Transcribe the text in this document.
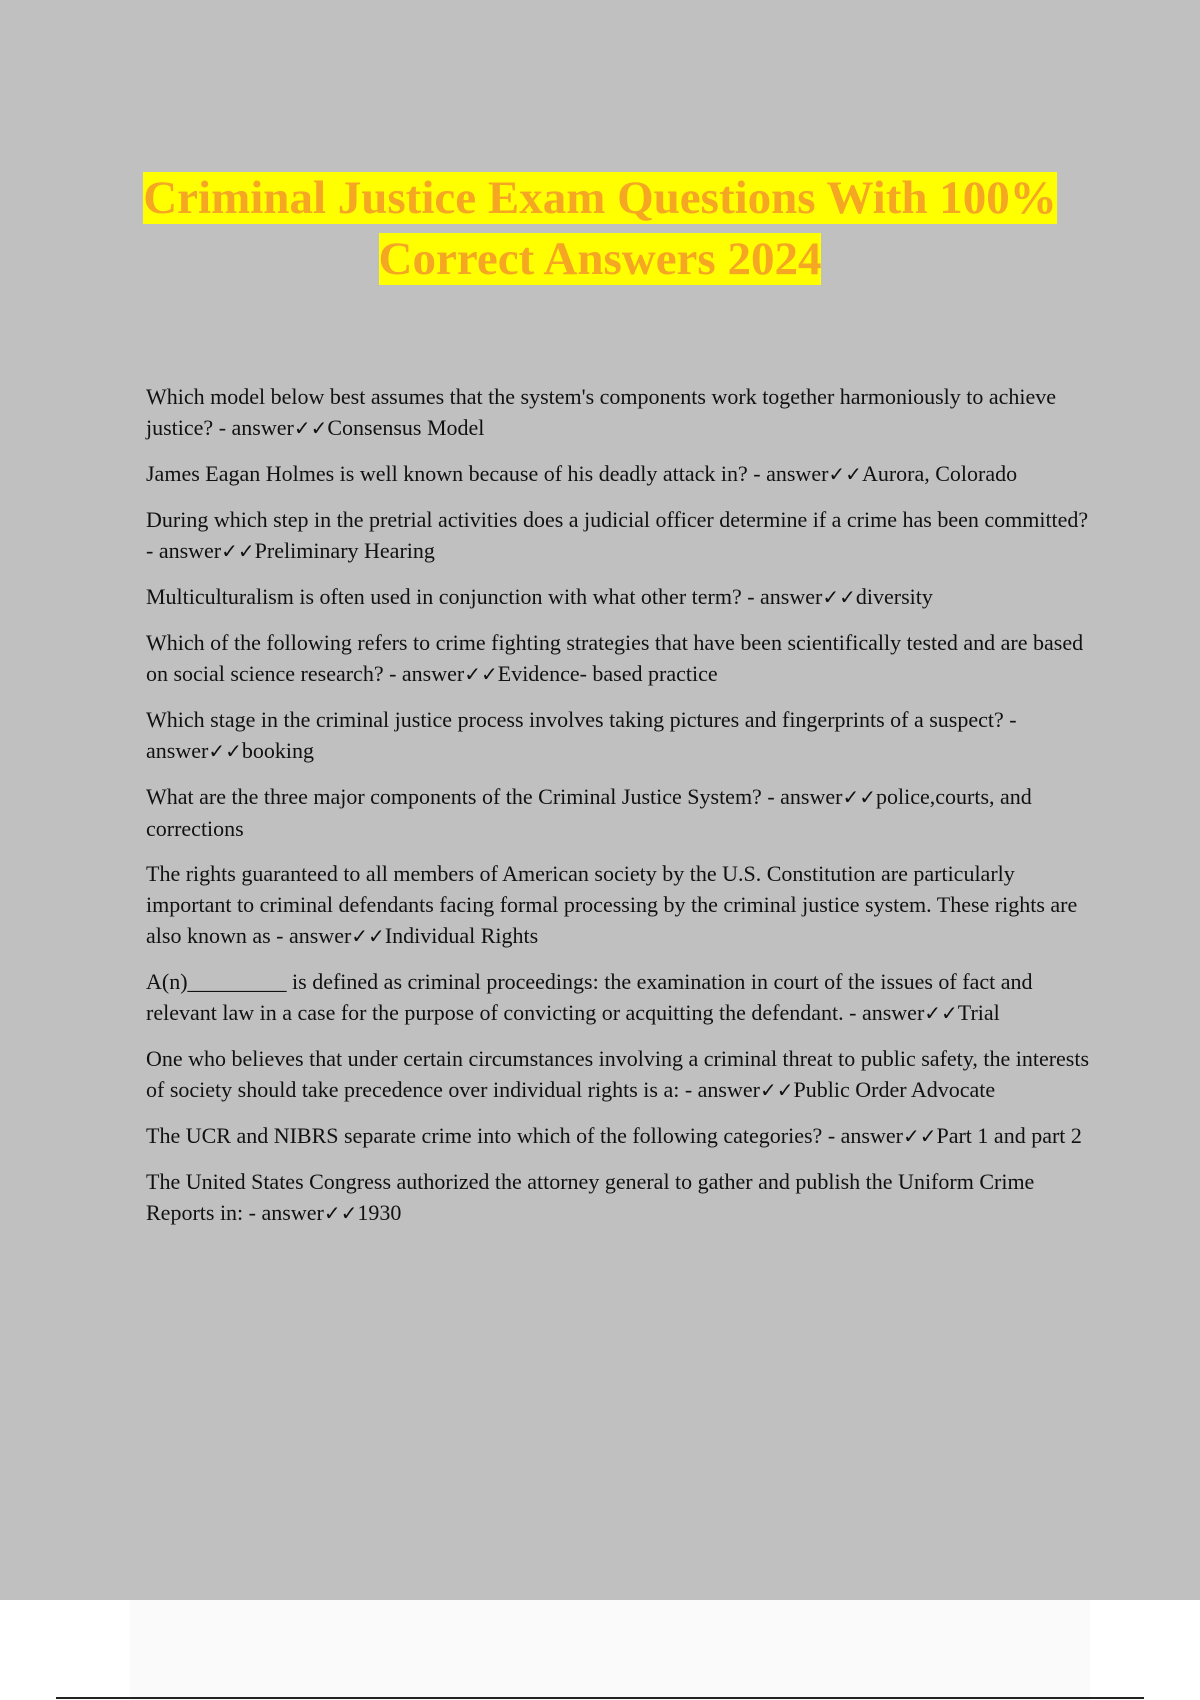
Criminal Justice Exam Questions With 100%
Correct Answers 2024

Which model below best assumes that the system's components work together harmoniously to achieve justice? - answer✓✓Consensus Model

James Eagan Holmes is well known because of his deadly attack in? - answer✓✓Aurora, Colorado

During which step in the pretrial activities does a judicial officer determine if a crime has been committed? - answer✓✓Preliminary Hearing

Multiculturalism is often used in conjunction with what other term? - answer✓✓diversity

Which of the following refers to crime fighting strategies that have been scientifically tested and are based on social science research? - answer✓✓Evidence- based practice

Which stage in the criminal justice process involves taking pictures and fingerprints of a suspect? - answer✓✓booking

What are the three major components of the Criminal Justice System? - answer✓✓police,courts, and corrections

The rights guaranteed to all members of American society by the U.S. Constitution are particularly important to criminal defendants facing formal processing by the criminal justice system. These rights are also known as - answer✓✓Individual Rights

A(n)_________ is defined as criminal proceedings: the examination in court of the issues of fact and relevant law in a case for the purpose of convicting or acquitting the defendant. - answer✓✓Trial

One who believes that under certain circumstances involving a criminal threat to public safety, the interests of society should take precedence over individual rights is a: - answer✓✓Public Order Advocate

The UCR and NIBRS separate crime into which of the following categories? - answer✓✓Part 1 and part 2

The United States Congress authorized the attorney general to gather and publish the Uniform Crime Reports in: - answer✓✓1930
